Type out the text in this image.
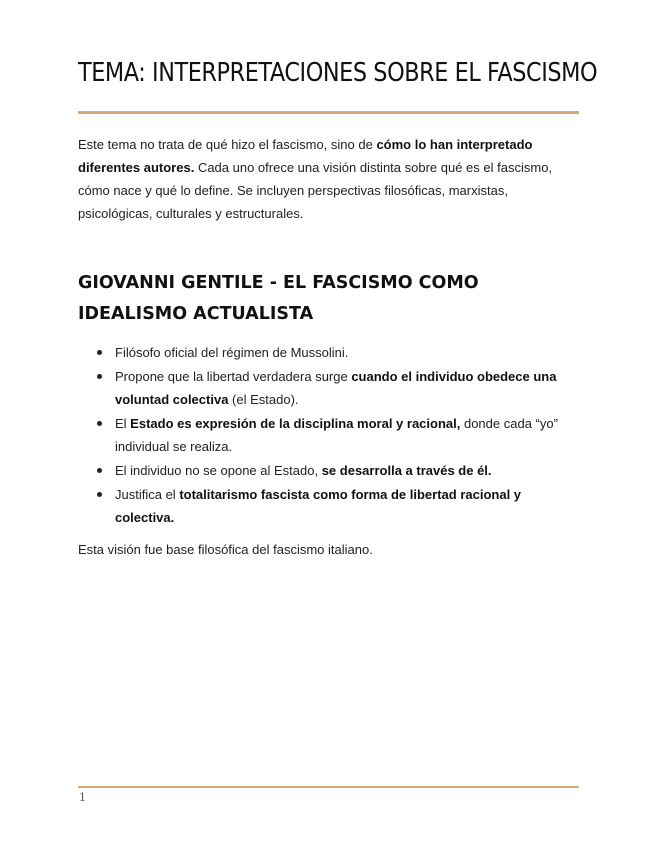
TEMA: INTERPRETACIONES SOBRE EL FASCISMO

Este tema no trata de qué hizo el fascismo, sino de cómo lo han interpretado diferentes autores. Cada uno ofrece una visión distinta sobre qué es el fascismo, cómo nace y qué lo define. Se incluyen perspectivas filosóficas, marxistas, psicológicas, culturales y estructurales.

GIOVANNI GENTILE - EL FASCISMO COMO IDEALISMO ACTUALISTA
Filósofo oficial del régimen de Mussolini.
Propone que la libertad verdadera surge cuando el individuo obedece una voluntad colectiva (el Estado).
El Estado es expresión de la disciplina moral y racional, donde cada “yo” individual se realiza.
El individuo no se opone al Estado, se desarrolla a través de él.
Justifica el totalitarismo fascista como forma de libertad racional y colectiva.

Esta visión fue base filosófica del fascismo italiano.

1
